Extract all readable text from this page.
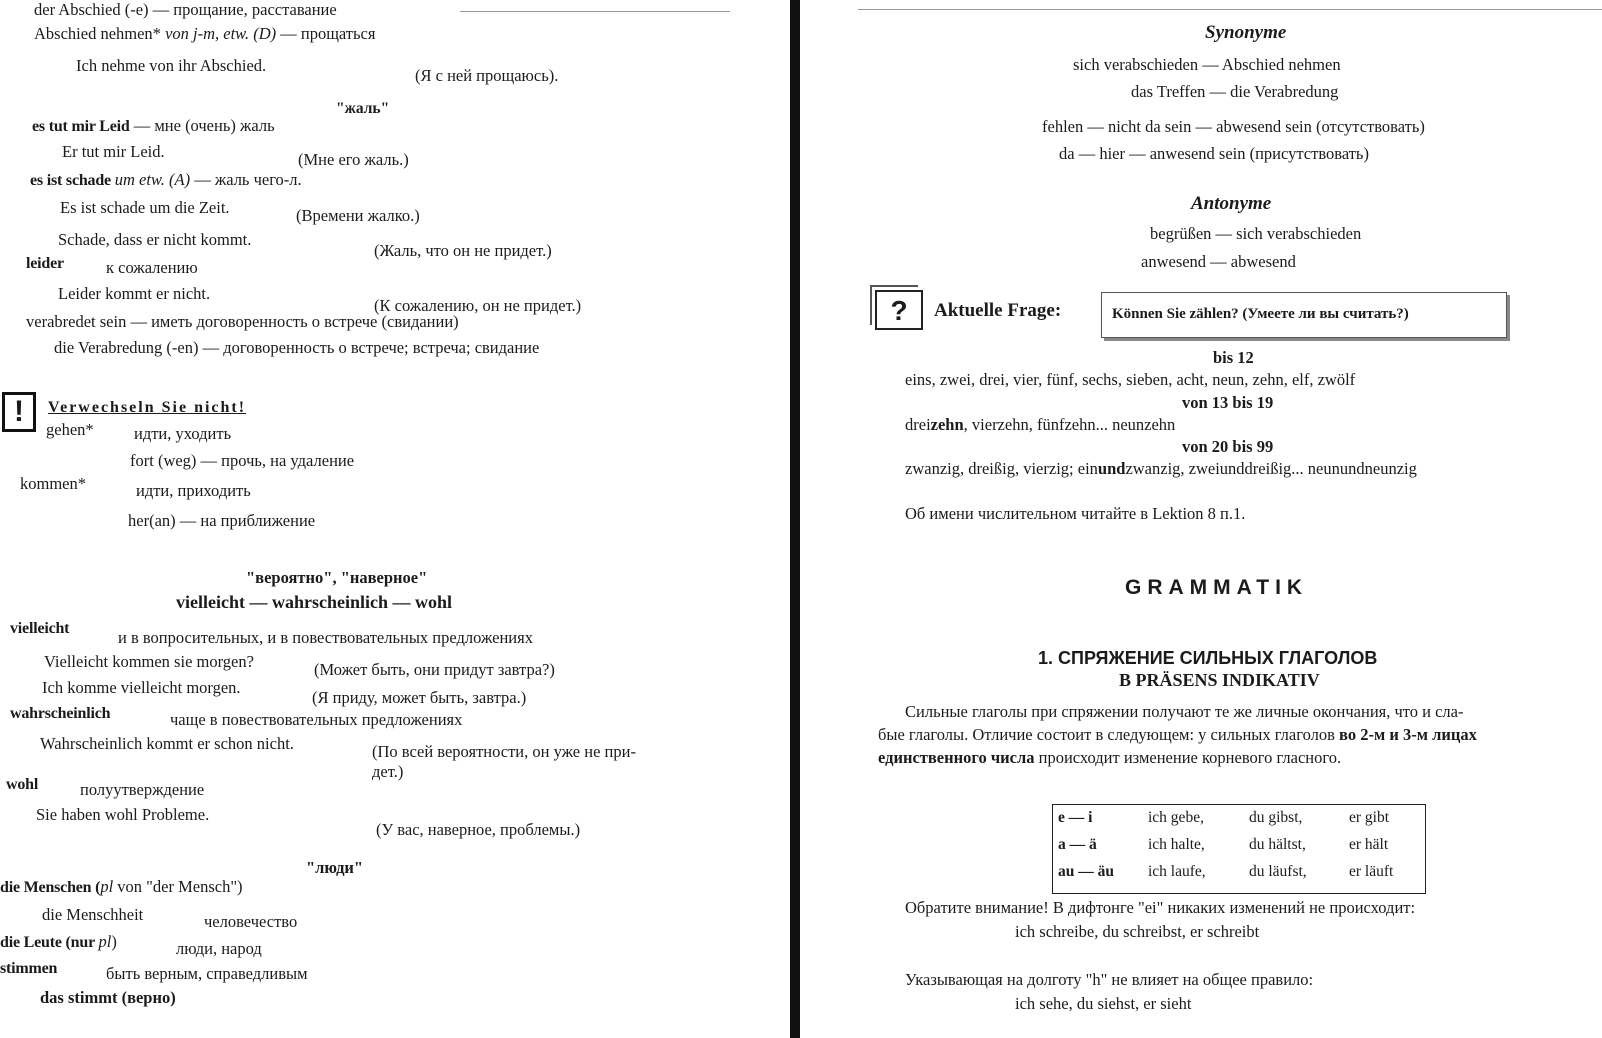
der Abschied (-e) — прощание, расставание
Abschied nehmen* von j-m, etw. (D) — прощаться
Ich nehme von ihr Abschied.
(Я с ней прощаюсь).
"жаль"
es tut mir Leid — мне (очень) жаль
Er tut mir Leid.	(Мне его жаль.)
es ist schade um etw. (A) — жаль чего-л.
Es ist schade um die Zeit.	(Времени жалко.)
Schade, dass er nicht kommt.
(Жаль, что он не придет.)
leider	к сожалению
Leider kommt er nicht.
(К сожалению, он не придет.)
verabredet sein — иметь договоренность о встрече (свидании)
die Verabredung (-en) — договоренность о встрече; встреча; свидание
!	Verwechseln Sie nicht!
gehen* идти, уходить
fort (weg) — прочь, на удаление
kommen*	идти, приходить
her(an) — на приближение
"вероятно", "наверное"
vielleicht — wahrscheinlich — wohl
vielleicht	и в вопросительных, и в повествовательных предложениях
Vielleicht kommen sie morgen?	(Может быть, они придут завтра?)
Ich komme vielleicht morgen.
(Я приду, может быть, завтра.)
wahrscheinlich	чаще в повествовательных предложениях
Wahrscheinlich kommt er schon nicht.	(По всей вероятности, он уже не при-
дет.)
wohl	полуутверждение
Sie haben wohl Probleme.
(У вас, наверное, проблемы.)
"люди"
die Menschen (pl von "der Mensch")
die Menschheit	человечество
die Leute (nur pl)	люди, народ
stimmen	быть верным, справедливым
das stimmt (верно)
Synonyme
sich verabschieden — Abschied nehmen
das Treffen — die Verabredung
fehlen — nicht da sein — abwesend sein (отсутствовать)
da — hier — anwesend sein (присутствовать)
Antonyme
begrüßen — sich verabschieden
anwesend — abwesend
?	Aktuelle Frage:	Können Sie zählen? (Умеете ли вы считать?)
bis 12
eins, zwei, drei, vier, fünf, sechs, sieben, acht, neun, zehn, elf, zwölf
von 13 bis 19
dreizehn, vierzehn, fünfzehn... neunzehn
von 20 bis 99
zwanzig, dreißig, vierzig; einundzwanzig, zweiunddreißig... neunundneunzig
Об имени числительном читайте в Lektion 8 п.1.
GRAMMATIK
1. СПРЯЖЕНИЕ СИЛЬНЫХ ГЛАГОЛОВ
В PRÄSENS INDIKATIV
Сильные глаголы при спряжении получают те же личные окончания, что и сла-
бые глаголы. Отличие состоит в следующем: у сильных глаголов во 2-м и 3-м лицах
единственного числа происходит изменение корневого гласного.
e — i	ich gebe,	du gibst,	er gibt
a — ä	ich halte,	du hältst,	er hält
au — äu ich laufe,	du läufst,	er läuft
Обратите внимание! В дифтонге "ei" никаких изменений не происходит:
ich schreibe, du schreibst, er schreibt
Указывающая на долготу "h" не влияет на общее правило:
ich sehe, du siehst, er sieht
